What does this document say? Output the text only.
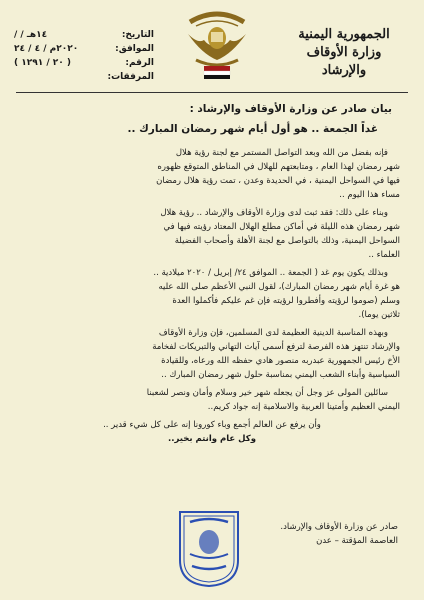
الجمهورية اليمنية
وزارة الأوقاف والإرشاد
التاريخ:
/ / ١٤هـ
الموافق:
٢٠٢٠م / ٤ / ٢٤
الرقم:
( ٢٠ / ١٢٩١ )
المرفقات:
بيان صادر عن وزارة الأوقاف والإرشاد :
غداً الجمعة .. هو أول أيام شهر رمضان المبارك ..
فإنه بفضل من الله وبعد التواصل المستمر مع لجنة رؤية هلال
شهر رمضان لهذا العام ، ومتابعتهم للهلال في المناطق المتوقع ظهوره
فيها في السواحل اليمنية ، في الحديدة وعدن ، تمت رؤية هلال رمضان
مساء هذا اليوم ..
وبناء على ذلك: فقد ثبت لدى وزارة الأوقاف والإرشاد .. رؤية هلال
شهر رمضان هذه الليلة في أماكن مطلع الهلال المعتاد رؤيته فيها في
السواحل اليمنية، وذلك بالتواصل مع لجنة الأهلة وأصحاب الفضيلة
العلماء ..
وبذلك يكون يوم غد ( الجمعة .. الموافق ٢٤/ إبريل / ٢٠٢٠ ميلادية ..
هو غرة أيام شهر رمضان المبارك)، لقول النبي الأعظم صلى الله عليه
وسلم (صوموا لرؤيته وأفطروا لرؤيته فإن غم عليكم فأكملوا العدة
ثلاثين يوما).
وبهذه المناسبة الدينية العظيمة لدى المسلمين، فإن وزارة الأوقاف
والإرشاد تنتهز هذه الفرصة لترفع أسمى آيات التهاني والتبريكات لفخامة
الأخ رئيس الجمهورية عبدربه منصور هادي حفظه الله ورعاه، وللقيادة
السياسية وأبناء الشعب اليمني بمناسبة حلول شهر رمضان المبارك ..
سائلين المولى عز وجل أن يجعله شهر خير وسلام وأمان ونصر لشعبنا
اليمني العظيم وأمتينا العربية والاسلامية إنه جواد كريم..
وأن يرفع عن العالم أجمع وباء كورونا إنه على كل شيء قدير ..
وكل عام وانتم بخير..
صادر عن وزارة الأوقاف والإرشاد.
العاصمة المؤقتة – عدن
